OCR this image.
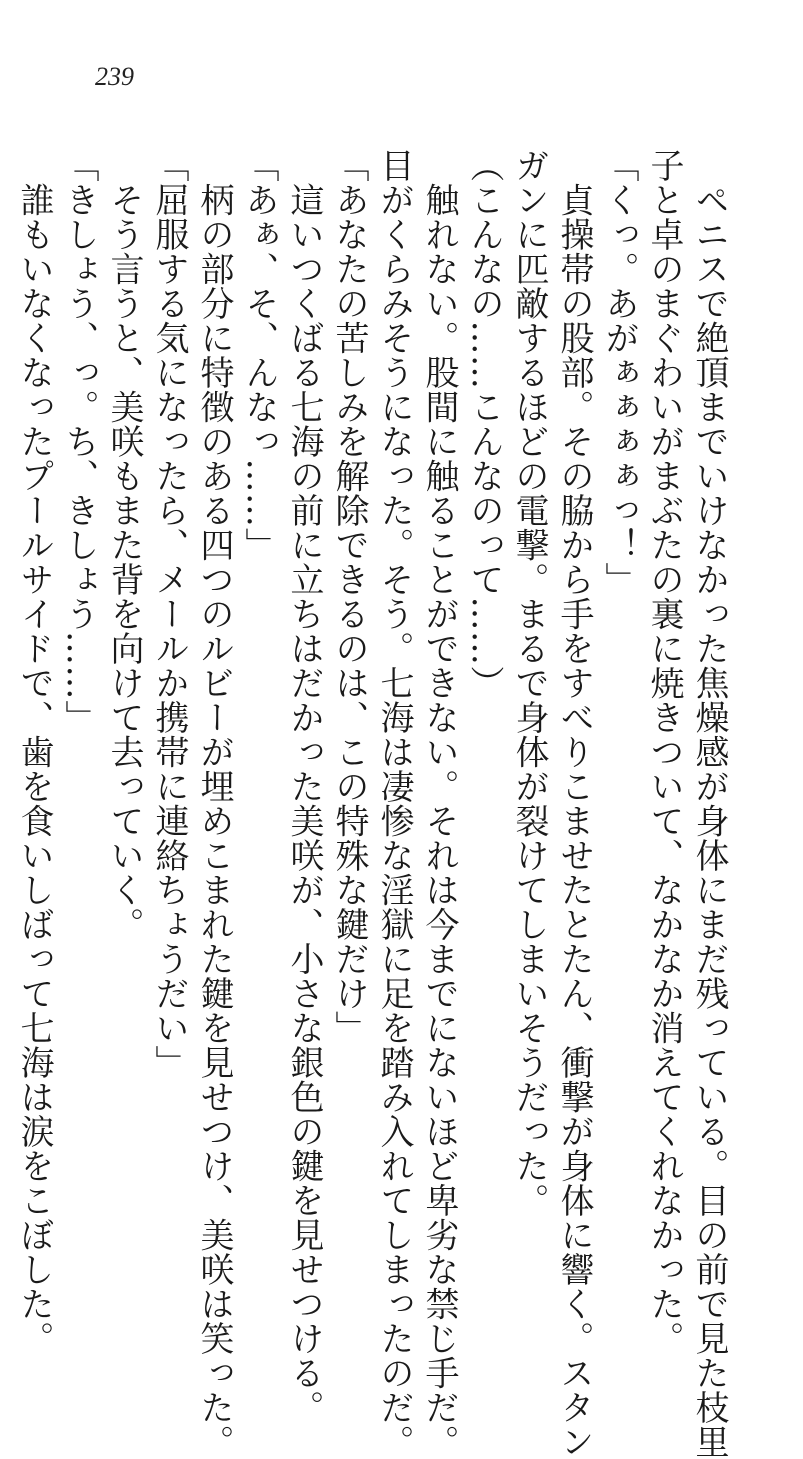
239
　ペニスで絶頂までいけなかった焦燥感が身体にまだ残っている。目の前で見た枝里
子と卓のまぐわいがまぶたの裏に焼きついて、なかなか消えてくれなかった。
「くっ。あがぁぁぁぁっ！」
　貞操帯の股部。その脇から手をすべりこませたとたん、衝撃が身体に響く。スタン
ガンに匹敵するほどの電撃。まるで身体が裂けてしまいそうだった。
（こんなの……こんなのって……）
　触れない。股間に触ることができない。それは今までにないほど卑劣な禁じ手だ。
目がくらみそうになった。そう。七海は凄惨な淫獄に足を踏み入れてしまったのだ。
「あなたの苦しみを解除できるのは、この特殊な鍵だけ」
　這いつくばる七海の前に立ちはだかった美咲が、小さな銀色の鍵を見せつける。
「あぁ、そ、んなっ……」
　柄の部分に特徴のある四つのルビーが埋めこまれた鍵を見せつけ、美咲は笑った。
「屈服する気になったら、メールか携帯に連絡ちょうだい」
　そう言うと、美咲もまた背を向けて去っていく。
「きしょう、っ。ち、きしょう……」
　誰もいなくなったプールサイドで、歯を食いしばって七海は涙をこぼした。
